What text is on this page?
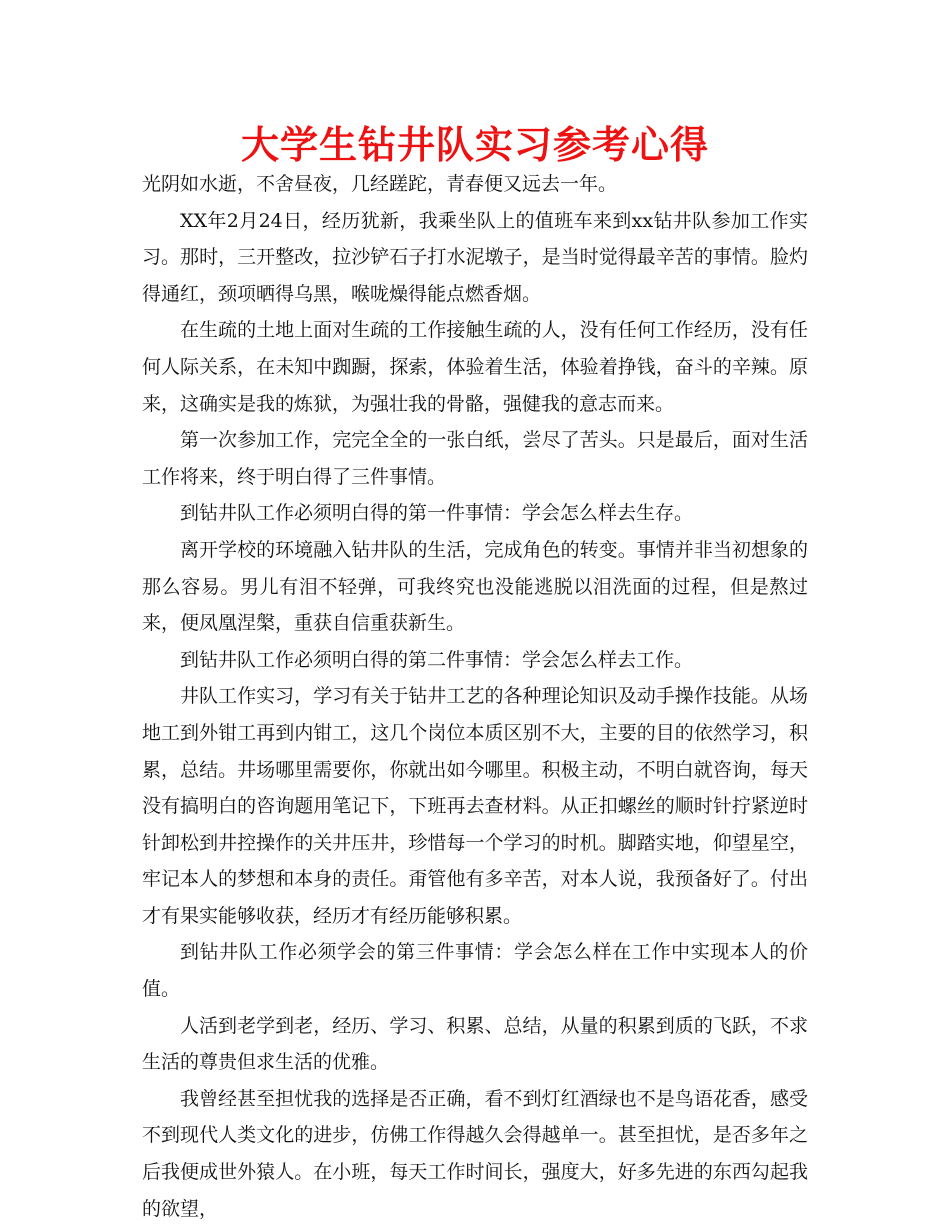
大学生钻井队实习参考心得

光阴如水逝，不舍昼夜，几经蹉跎，青春便又远去一年。

XX年2月24日，经历犹新，我乘坐队上的值班车来到xx钻井队参加工作实习。那时，三开整改，拉沙铲石子打水泥墩子，是当时觉得最辛苦的事情。脸灼得通红，颈项晒得乌黑，喉咙燥得能点燃香烟。

在生疏的土地上面对生疏的工作接触生疏的人，没有任何工作经历，没有任何人际关系，在未知中踟蹰，探索，体验着生活，体验着挣钱，奋斗的辛辣。原来，这确实是我的炼狱，为强壮我的骨骼，强健我的意志而来。

第一次参加工作，完完全全的一张白纸，尝尽了苦头。只是最后，面对生活工作将来，终于明白得了三件事情。

到钻井队工作必须明白得的第一件事情：学会怎么样去生存。

离开学校的环境融入钻井队的生活，完成角色的转变。事情并非当初想象的那么容易。男儿有泪不轻弹，可我终究也没能逃脱以泪洗面的过程，但是熬过来，便凤凰涅槃，重获自信重获新生。

到钻井队工作必须明白得的第二件事情：学会怎么样去工作。

井队工作实习，学习有关于钻井工艺的各种理论知识及动手操作技能。从场地工到外钳工再到内钳工，这几个岗位本质区别不大，主要的目的依然学习，积累，总结。井场哪里需要你，你就出如今哪里。积极主动，不明白就咨询，每天没有搞明白的咨询题用笔记下，下班再去查材料。从正扣螺丝的顺时针拧紧逆时针卸松到井控操作的关井压井，珍惜每一个学习的时机。脚踏实地，仰望星空，牢记本人的梦想和本身的责任。甭管他有多辛苦，对本人说，我预备好了。付出才有果实能够收获，经历才有经历能够积累。

到钻井队工作必须学会的第三件事情：学会怎么样在工作中实现本人的价值。

人活到老学到老，经历、学习、积累、总结，从量的积累到质的飞跃，不求生活的尊贵但求生活的优雅。

我曾经甚至担忧我的选择是否正确，看不到灯红酒绿也不是鸟语花香，感受不到现代人类文化的进步，仿佛工作得越久会得越单一。甚至担忧，是否多年之后我便成世外猿人。在小班，每天工作时间长，强度大，好多先进的东西勾起我的欲望，
